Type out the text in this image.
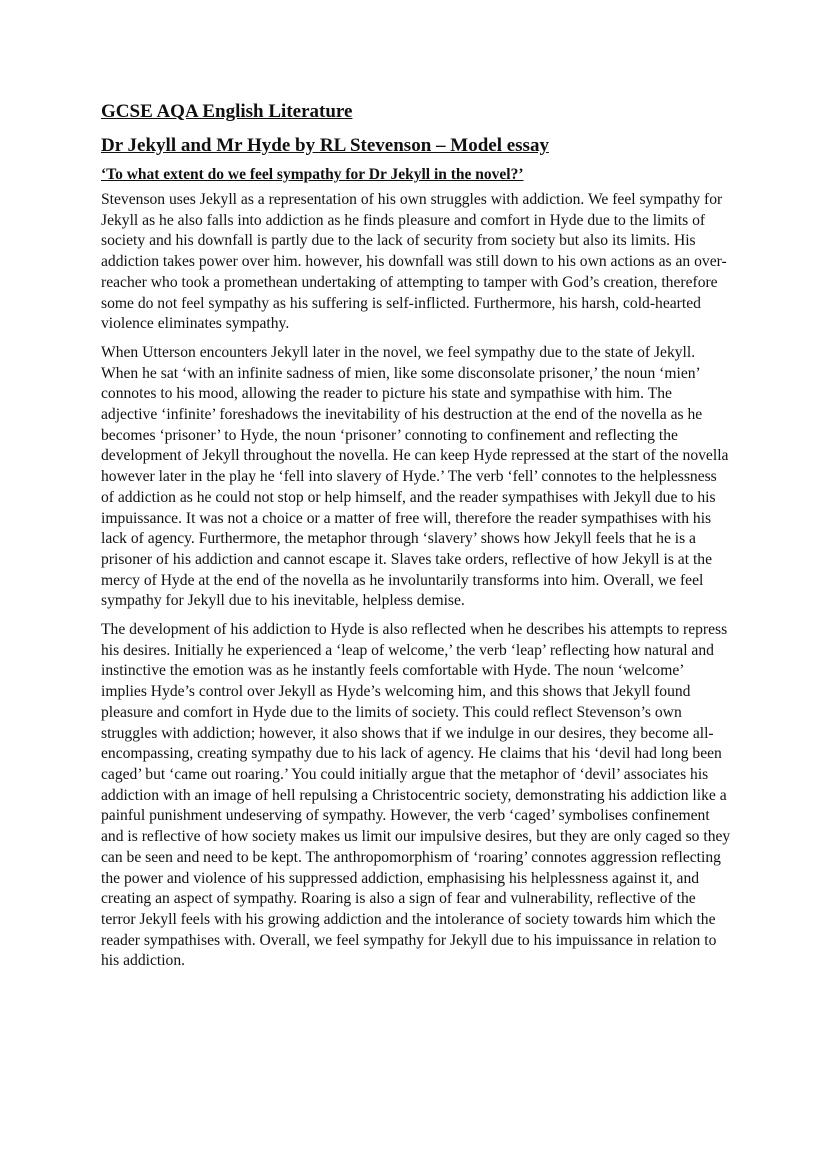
GCSE AQA English Literature
Dr Jekyll and Mr Hyde by RL Stevenson – Model essay
‘To what extent do we feel sympathy for Dr Jekyll in the novel?’

Stevenson uses Jekyll as a representation of his own struggles with addiction. We feel sympathy for Jekyll as he also falls into addiction as he finds pleasure and comfort in Hyde due to the limits of society and his downfall is partly due to the lack of security from society but also its limits. His addiction takes power over him. however, his downfall was still down to his own actions as an over-reacher who took a promethean undertaking of attempting to tamper with God’s creation, therefore some do not feel sympathy as his suffering is self-inflicted. Furthermore, his harsh, cold-hearted violence eliminates sympathy.

When Utterson encounters Jekyll later in the novel, we feel sympathy due to the state of Jekyll. When he sat ‘with an infinite sadness of mien, like some disconsolate prisoner,’ the noun ‘mien’ connotes to his mood, allowing the reader to picture his state and sympathise with him. The adjective ‘infinite’ foreshadows the inevitability of his destruction at the end of the novella as he becomes ‘prisoner’ to Hyde, the noun ‘prisoner’ connoting to confinement and reflecting the development of Jekyll throughout the novella. He can keep Hyde repressed at the start of the novella however later in the play he ‘fell into slavery of Hyde.’ The verb ‘fell’ connotes to the helplessness of addiction as he could not stop or help himself, and the reader sympathises with Jekyll due to his impuissance. It was not a choice or a matter of free will, therefore the reader sympathises with his lack of agency. Furthermore, the metaphor through ‘slavery’ shows how Jekyll feels that he is a prisoner of his addiction and cannot escape it. Slaves take orders, reflective of how Jekyll is at the mercy of Hyde at the end of the novella as he involuntarily transforms into him. Overall, we feel sympathy for Jekyll due to his inevitable, helpless demise.

The development of his addiction to Hyde is also reflected when he describes his attempts to repress his desires. Initially he experienced a ‘leap of welcome,’ the verb ‘leap’ reflecting how natural and instinctive the emotion was as he instantly feels comfortable with Hyde. The noun ‘welcome’ implies Hyde’s control over Jekyll as Hyde’s welcoming him, and this shows that Jekyll found pleasure and comfort in Hyde due to the limits of society. This could reflect Stevenson’s own struggles with addiction; however, it also shows that if we indulge in our desires, they become all-encompassing, creating sympathy due to his lack of agency. He claims that his ‘devil had long been caged’ but ‘came out roaring.’ You could initially argue that the metaphor of ‘devil’ associates his addiction with an image of hell repulsing a Christocentric society, demonstrating his addiction like a painful punishment undeserving of sympathy. However, the verb ‘caged’ symbolises confinement and is reflective of how society makes us limit our impulsive desires, but they are only caged so they can be seen and need to be kept. The anthropomorphism of ‘roaring’ connotes aggression reflecting the power and violence of his suppressed addiction, emphasising his helplessness against it, and creating an aspect of sympathy. Roaring is also a sign of fear and vulnerability, reflective of the terror Jekyll feels with his growing addiction and the intolerance of society towards him which the reader sympathises with. Overall, we feel sympathy for Jekyll due to his impuissance in relation to his addiction.
